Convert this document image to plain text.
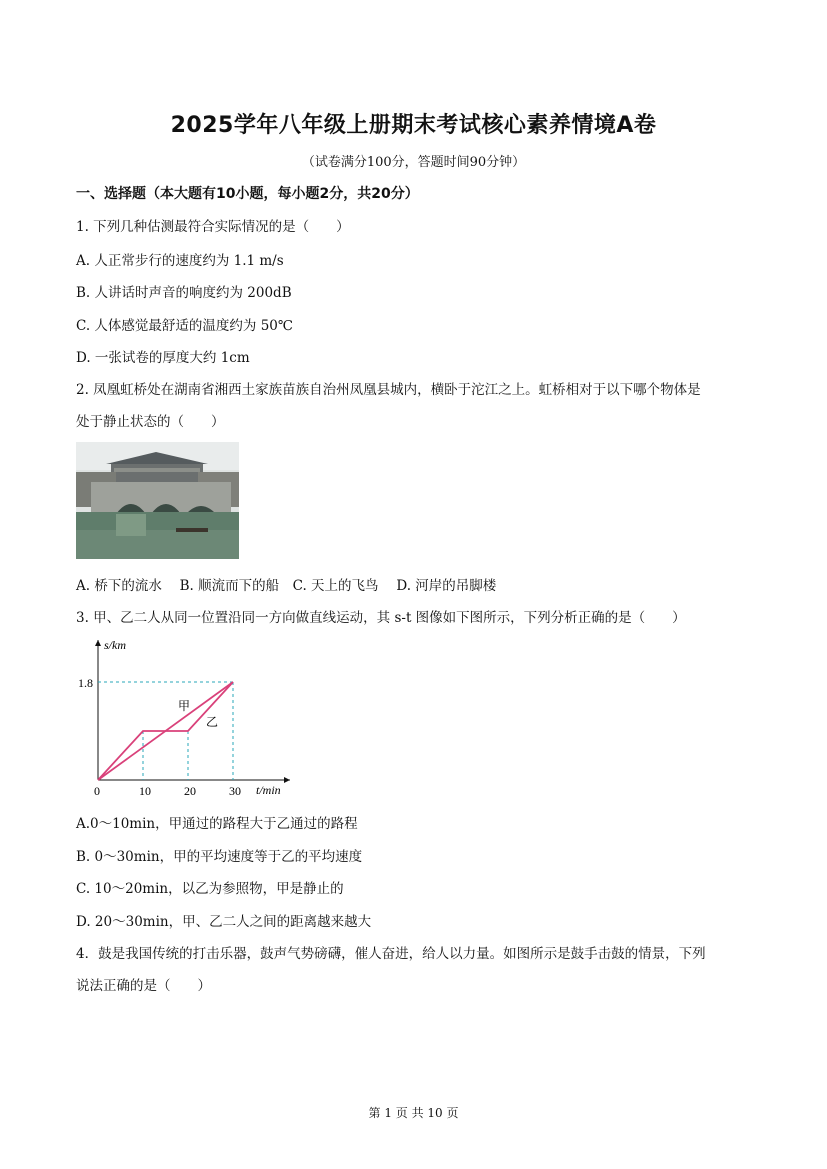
2025学年八年级上册期末考试核心素养情境A卷
（试卷满分100分，答题时间90分钟）
一、选择题（本大题有10小题，每小题2分，共20分）
1. 下列几种估测最符合实际情况的是（　　）
A. 人正常步行的速度约为 1.1 m/s
B. 人讲话时声音的响度约为 200dB
C. 人体感觉最舒适的温度约为 50℃
D. 一张试卷的厚度大约 1cm
2. 凤凰虹桥处在湖南省湘西土家族苗族自治州凤凰县城内，横卧于沱江之上。虹桥相对于以下哪个物体是
处于静止状态的（　　）
A. 桥下的流水　 B. 顺流而下的船　C. 天上的飞鸟　 D. 河岸的吊脚楼
3. 甲、乙二人从同一位置沿同一方向做直线运动，其 s-t 图像如下图所示，下列分析正确的是（　　）
s/km
t/min
1.8
0	10	20	30
甲
乙
A.0～10min，甲通过的路程大于乙通过的路程
B. 0～30min，甲的平均速度等于乙的平均速度
C. 10～20min，以乙为参照物，甲是静止的
D. 20～30min，甲、乙二人之间的距离越来越大
4．鼓是我国传统的打击乐器，鼓声气势磅礴，催人奋进，给人以力量。如图所示是鼓手击鼓的情景，下列
说法正确的是（　　）
第 1 页 共 10 页
